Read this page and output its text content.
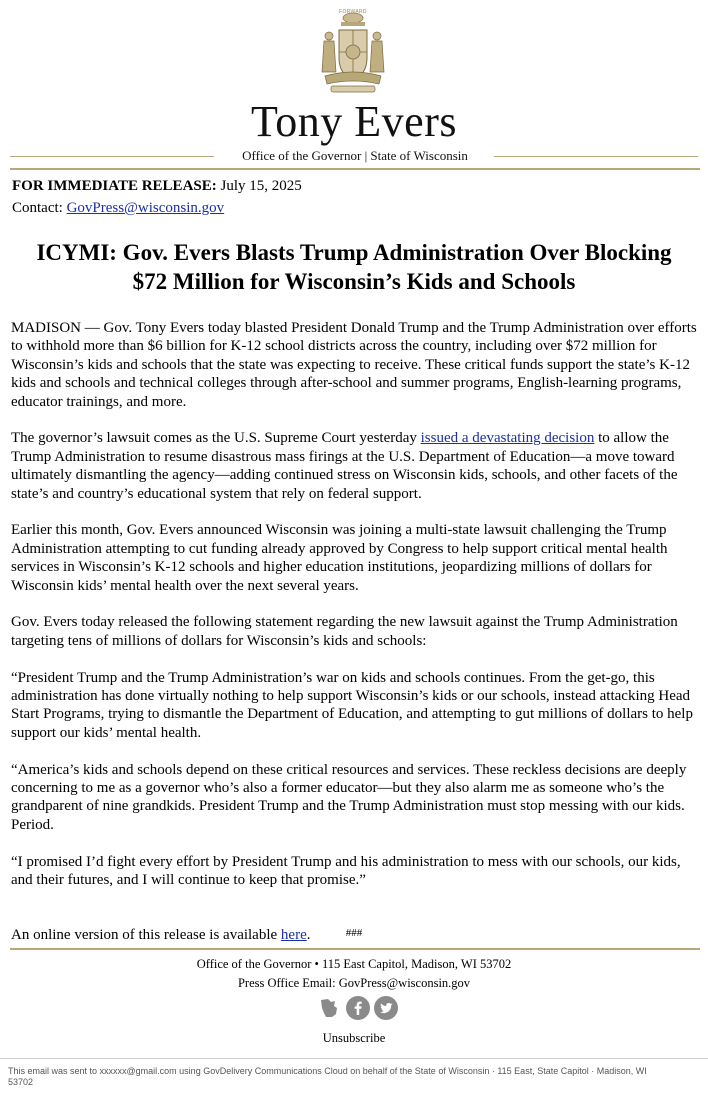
FORWARD
Tony Evers
Office of the Governor | State of Wisconsin
FOR IMMEDIATE RELEASE: July 15, 2025
Contact: GovPress@wisconsin.gov
ICYMI: Gov. Evers Blasts Trump Administration Over Blocking
$72 Million for Wisconsin’s Kids and Schools

MADISON — Gov. Tony Evers today blasted President Donald Trump and the Trump Administration over efforts to withhold more than $6 billion for K-12 school districts across the country, including over $72 million for Wisconsin’s kids and schools that the state was expecting to receive. These critical funds support the state’s K-12 kids and schools and technical colleges through after-school and summer programs, English-learning programs, educator trainings, and more.

The governor’s lawsuit comes as the U.S. Supreme Court yesterday issued a devastating decision to allow the Trump Administration to resume disastrous mass firings at the U.S. Department of Education—a move toward ultimately dismantling the agency—adding continued stress on Wisconsin kids, schools, and other facets of the state’s and country’s educational system that rely on federal support.

Earlier this month, Gov. Evers announced Wisconsin was joining a multi-state lawsuit challenging the Trump Administration attempting to cut funding already approved by Congress to help support critical mental health services in Wisconsin’s K-12 schools and higher education institutions, jeopardizing millions of dollars for Wisconsin kids’ mental health over the next several years.

Gov. Evers today released the following statement regarding the new lawsuit against the Trump Administration targeting tens of millions of dollars for Wisconsin’s kids and schools:

“President Trump and the Trump Administration’s war on kids and schools continues. From the get-go, this administration has done virtually nothing to help support Wisconsin’s kids or our schools, instead attacking Head Start Programs, trying to dismantle the Department of Education, and attempting to gut millions of dollars to help support our kids’ mental health.

“America’s kids and schools depend on these critical resources and services. These reckless decisions are deeply concerning to me as a governor who’s also a former educator—but they also alarm me as someone who’s the grandparent of nine grandkids. President Trump and the Trump Administration must stop messing with our kids. Period.

“I promised I’d fight every effort by President Trump and his administration to mess with our schools, our kids, and their futures, and I will continue to keep that promise.”

An online version of this release is available here.	###
Office of the Governor • 115 East Capitol, Madison, WI 53702
Press Office Email: GovPress@wisconsin.gov
Unsubscribe
This email was sent to xxxxxx@gmail.com using GovDelivery Communications Cloud on behalf of the State of Wisconsin · 115 East, State Capitol · Madison, WI 53702
